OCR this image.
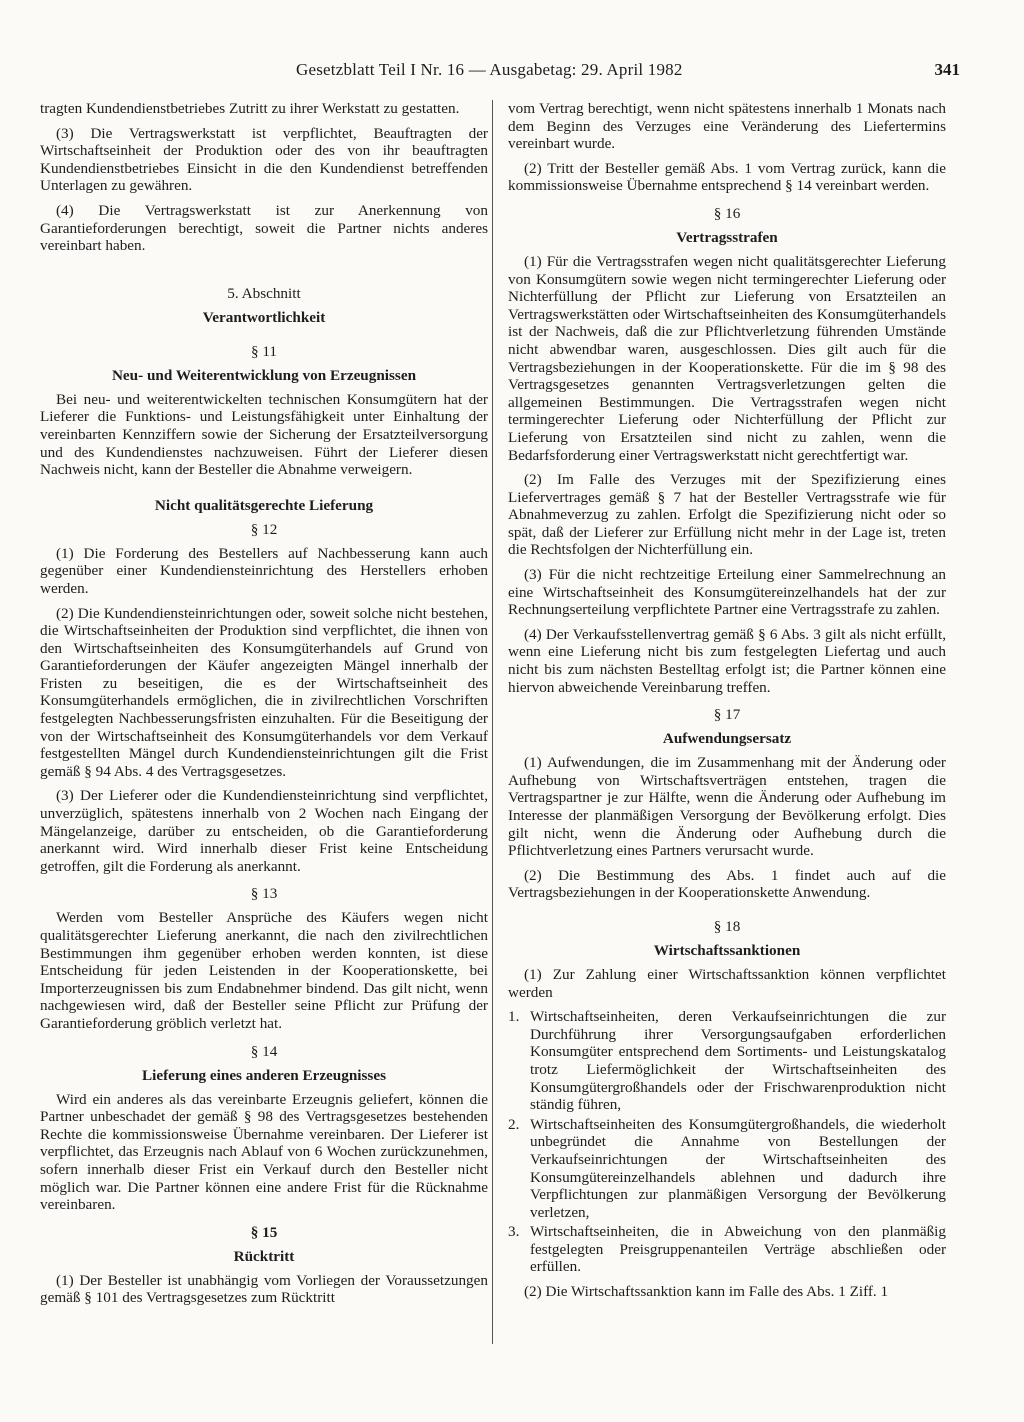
Gesetzblatt Teil I Nr. 16 — Ausgabetag: 29. April 1982	341

tragten Kundendienstbetriebes Zutritt zu ihrer Werkstatt zu gestatten.

(3) Die Vertragswerkstatt ist verpflichtet, Beauftragten der Wirtschaftseinheit der Produktion oder des von ihr beauftragten Kundendienstbetriebes Einsicht in die den Kundendienst betreffenden Unterlagen zu gewähren.

(4) Die Vertragswerkstatt ist zur Anerkennung von Garantieforderungen berechtigt, soweit die Partner nichts anderes vereinbart haben.

5. Abschnitt
Verantwortlichkeit
§ 11
Neu- und Weiterentwicklung von Erzeugnissen

Bei neu- und weiterentwickelten technischen Konsumgütern hat der Lieferer die Funktions- und Leistungsfähigkeit unter Einhaltung der vereinbarten Kennziffern sowie der Sicherung der Ersatzteilversorgung und des Kundendienstes nachzuweisen. Führt der Lieferer diesen Nachweis nicht, kann der Besteller die Abnahme verweigern.

Nicht qualitätsgerechte Lieferung
§ 12

(1) Die Forderung des Bestellers auf Nachbesserung kann auch gegenüber einer Kundendiensteinrichtung des Herstellers erhoben werden.

(2) Die Kundendiensteinrichtungen oder, soweit solche nicht bestehen, die Wirtschaftseinheiten der Produktion sind verpflichtet, die ihnen von den Wirtschaftseinheiten des Konsumgüterhandels auf Grund von Garantieforderungen der Käufer angezeigten Mängel innerhalb der Fristen zu beseitigen, die es der Wirtschaftseinheit des Konsumgüterhandels ermöglichen, die in zivilrechtlichen Vorschriften festgelegten Nachbesserungsfristen einzuhalten. Für die Beseitigung der von der Wirtschaftseinheit des Konsumgüterhandels vor dem Verkauf festgestellten Mängel durch Kundendiensteinrichtungen gilt die Frist gemäß § 94 Abs. 4 des Vertragsgesetzes.

(3) Der Lieferer oder die Kundendiensteinrichtung sind verpflichtet, unverzüglich, spätestens innerhalb von 2 Wochen nach Eingang der Mängelanzeige, darüber zu entscheiden, ob die Garantieforderung anerkannt wird. Wird innerhalb dieser Frist keine Entscheidung getroffen, gilt die Forderung als anerkannt.

§ 13

Werden vom Besteller Ansprüche des Käufers wegen nicht qualitätsgerechter Lieferung anerkannt, die nach den zivilrechtlichen Bestimmungen ihm gegenüber erhoben werden konnten, ist diese Entscheidung für jeden Leistenden in der Kooperationskette, bei Importerzeugnissen bis zum Endabnehmer bindend. Das gilt nicht, wenn nachgewiesen wird, daß der Besteller seine Pflicht zur Prüfung der Garantieforderung gröblich verletzt hat.

§ 14
Lieferung eines anderen Erzeugnisses

Wird ein anderes als das vereinbarte Erzeugnis geliefert, können die Partner unbeschadet der gemäß § 98 des Vertragsgesetzes bestehenden Rechte die kommissionsweise Übernahme vereinbaren. Der Lieferer ist verpflichtet, das Erzeugnis nach Ablauf von 6 Wochen zurückzunehmen, sofern innerhalb dieser Frist ein Verkauf durch den Besteller nicht möglich war. Die Partner können eine andere Frist für die Rücknahme vereinbaren.

§ 15
Rücktritt

(1) Der Besteller ist unabhängig vom Vorliegen der Voraussetzungen gemäß § 101 des Vertragsgesetzes zum Rücktritt

vom Vertrag berechtigt, wenn nicht spätestens innerhalb 1 Monats nach dem Beginn des Verzuges eine Veränderung des Liefertermins vereinbart wurde.

(2) Tritt der Besteller gemäß Abs. 1 vom Vertrag zurück, kann die kommissionsweise Übernahme entsprechend § 14 vereinbart werden.

§ 16
Vertragsstrafen

(1) Für die Vertragsstrafen wegen nicht qualitätsgerechter Lieferung von Konsumgütern sowie wegen nicht termingerechter Lieferung oder Nichterfüllung der Pflicht zur Lieferung von Ersatzteilen an Vertragswerkstätten oder Wirtschaftseinheiten des Konsumgüterhandels ist der Nachweis, daß die zur Pflichtverletzung führenden Umstände nicht abwendbar waren, ausgeschlossen. Dies gilt auch für die Vertragsbeziehungen in der Kooperationskette. Für die im § 98 des Vertragsgesetzes genannten Vertragsverletzungen gelten die allgemeinen Bestimmungen. Die Vertragsstrafen wegen nicht termingerechter Lieferung oder Nichterfüllung der Pflicht zur Lieferung von Ersatzteilen sind nicht zu zahlen, wenn die Bedarfsforderung einer Vertragswerkstatt nicht gerechtfertigt war.

(2) Im Falle des Verzuges mit der Spezifizierung eines Liefervertrages gemäß § 7 hat der Besteller Vertragsstrafe wie für Abnahmeverzug zu zahlen. Erfolgt die Spezifizierung nicht oder so spät, daß der Lieferer zur Erfüllung nicht mehr in der Lage ist, treten die Rechtsfolgen der Nichterfüllung ein.

(3) Für die nicht rechtzeitige Erteilung einer Sammelrechnung an eine Wirtschaftseinheit des Konsumgütereinzelhandels hat der zur Rechnungserteilung verpflichtete Partner eine Vertragsstrafe zu zahlen.

(4) Der Verkaufsstellenvertrag gemäß § 6 Abs. 3 gilt als nicht erfüllt, wenn eine Lieferung nicht bis zum festgelegten Liefertag und auch nicht bis zum nächsten Bestelltag erfolgt ist; die Partner können eine hiervon abweichende Vereinbarung treffen.

§ 17
Aufwendungsersatz

(1) Aufwendungen, die im Zusammenhang mit der Änderung oder Aufhebung von Wirtschaftsverträgen entstehen, tragen die Vertragspartner je zur Hälfte, wenn die Änderung oder Aufhebung im Interesse der planmäßigen Versorgung der Bevölkerung erfolgt. Dies gilt nicht, wenn die Änderung oder Aufhebung durch die Pflichtverletzung eines Partners verursacht wurde.

(2) Die Bestimmung des Abs. 1 findet auch auf die Vertragsbeziehungen in der Kooperationskette Anwendung.

§ 18
Wirtschaftssanktionen

(1) Zur Zahlung einer Wirtschaftssanktion können verpflichtet werden

1. Wirtschaftseinheiten, deren Verkaufseinrichtungen die zur Durchführung ihrer Versorgungsaufgaben erforderlichen Konsumgüter entsprechend dem Sortiments- und Leistungskatalog trotz Liefermöglichkeit der Wirtschaftseinheiten des Konsumgütergroßhandels oder der Frischwarenproduktion nicht ständig führen,
2. Wirtschaftseinheiten des Konsumgütergroßhandels, die wiederholt unbegründet die Annahme von Bestellungen der Verkaufseinrichtungen der Wirtschaftseinheiten des Konsumgütereinzelhandels ablehnen und dadurch ihre Verpflichtungen zur planmäßigen Versorgung der Bevölkerung verletzen,
3. Wirtschaftseinheiten, die in Abweichung von den planmäßig festgelegten Preisgruppenanteilen Verträge abschließen oder erfüllen.

(2) Die Wirtschaftssanktion kann im Falle des Abs. 1 Ziff. 1
